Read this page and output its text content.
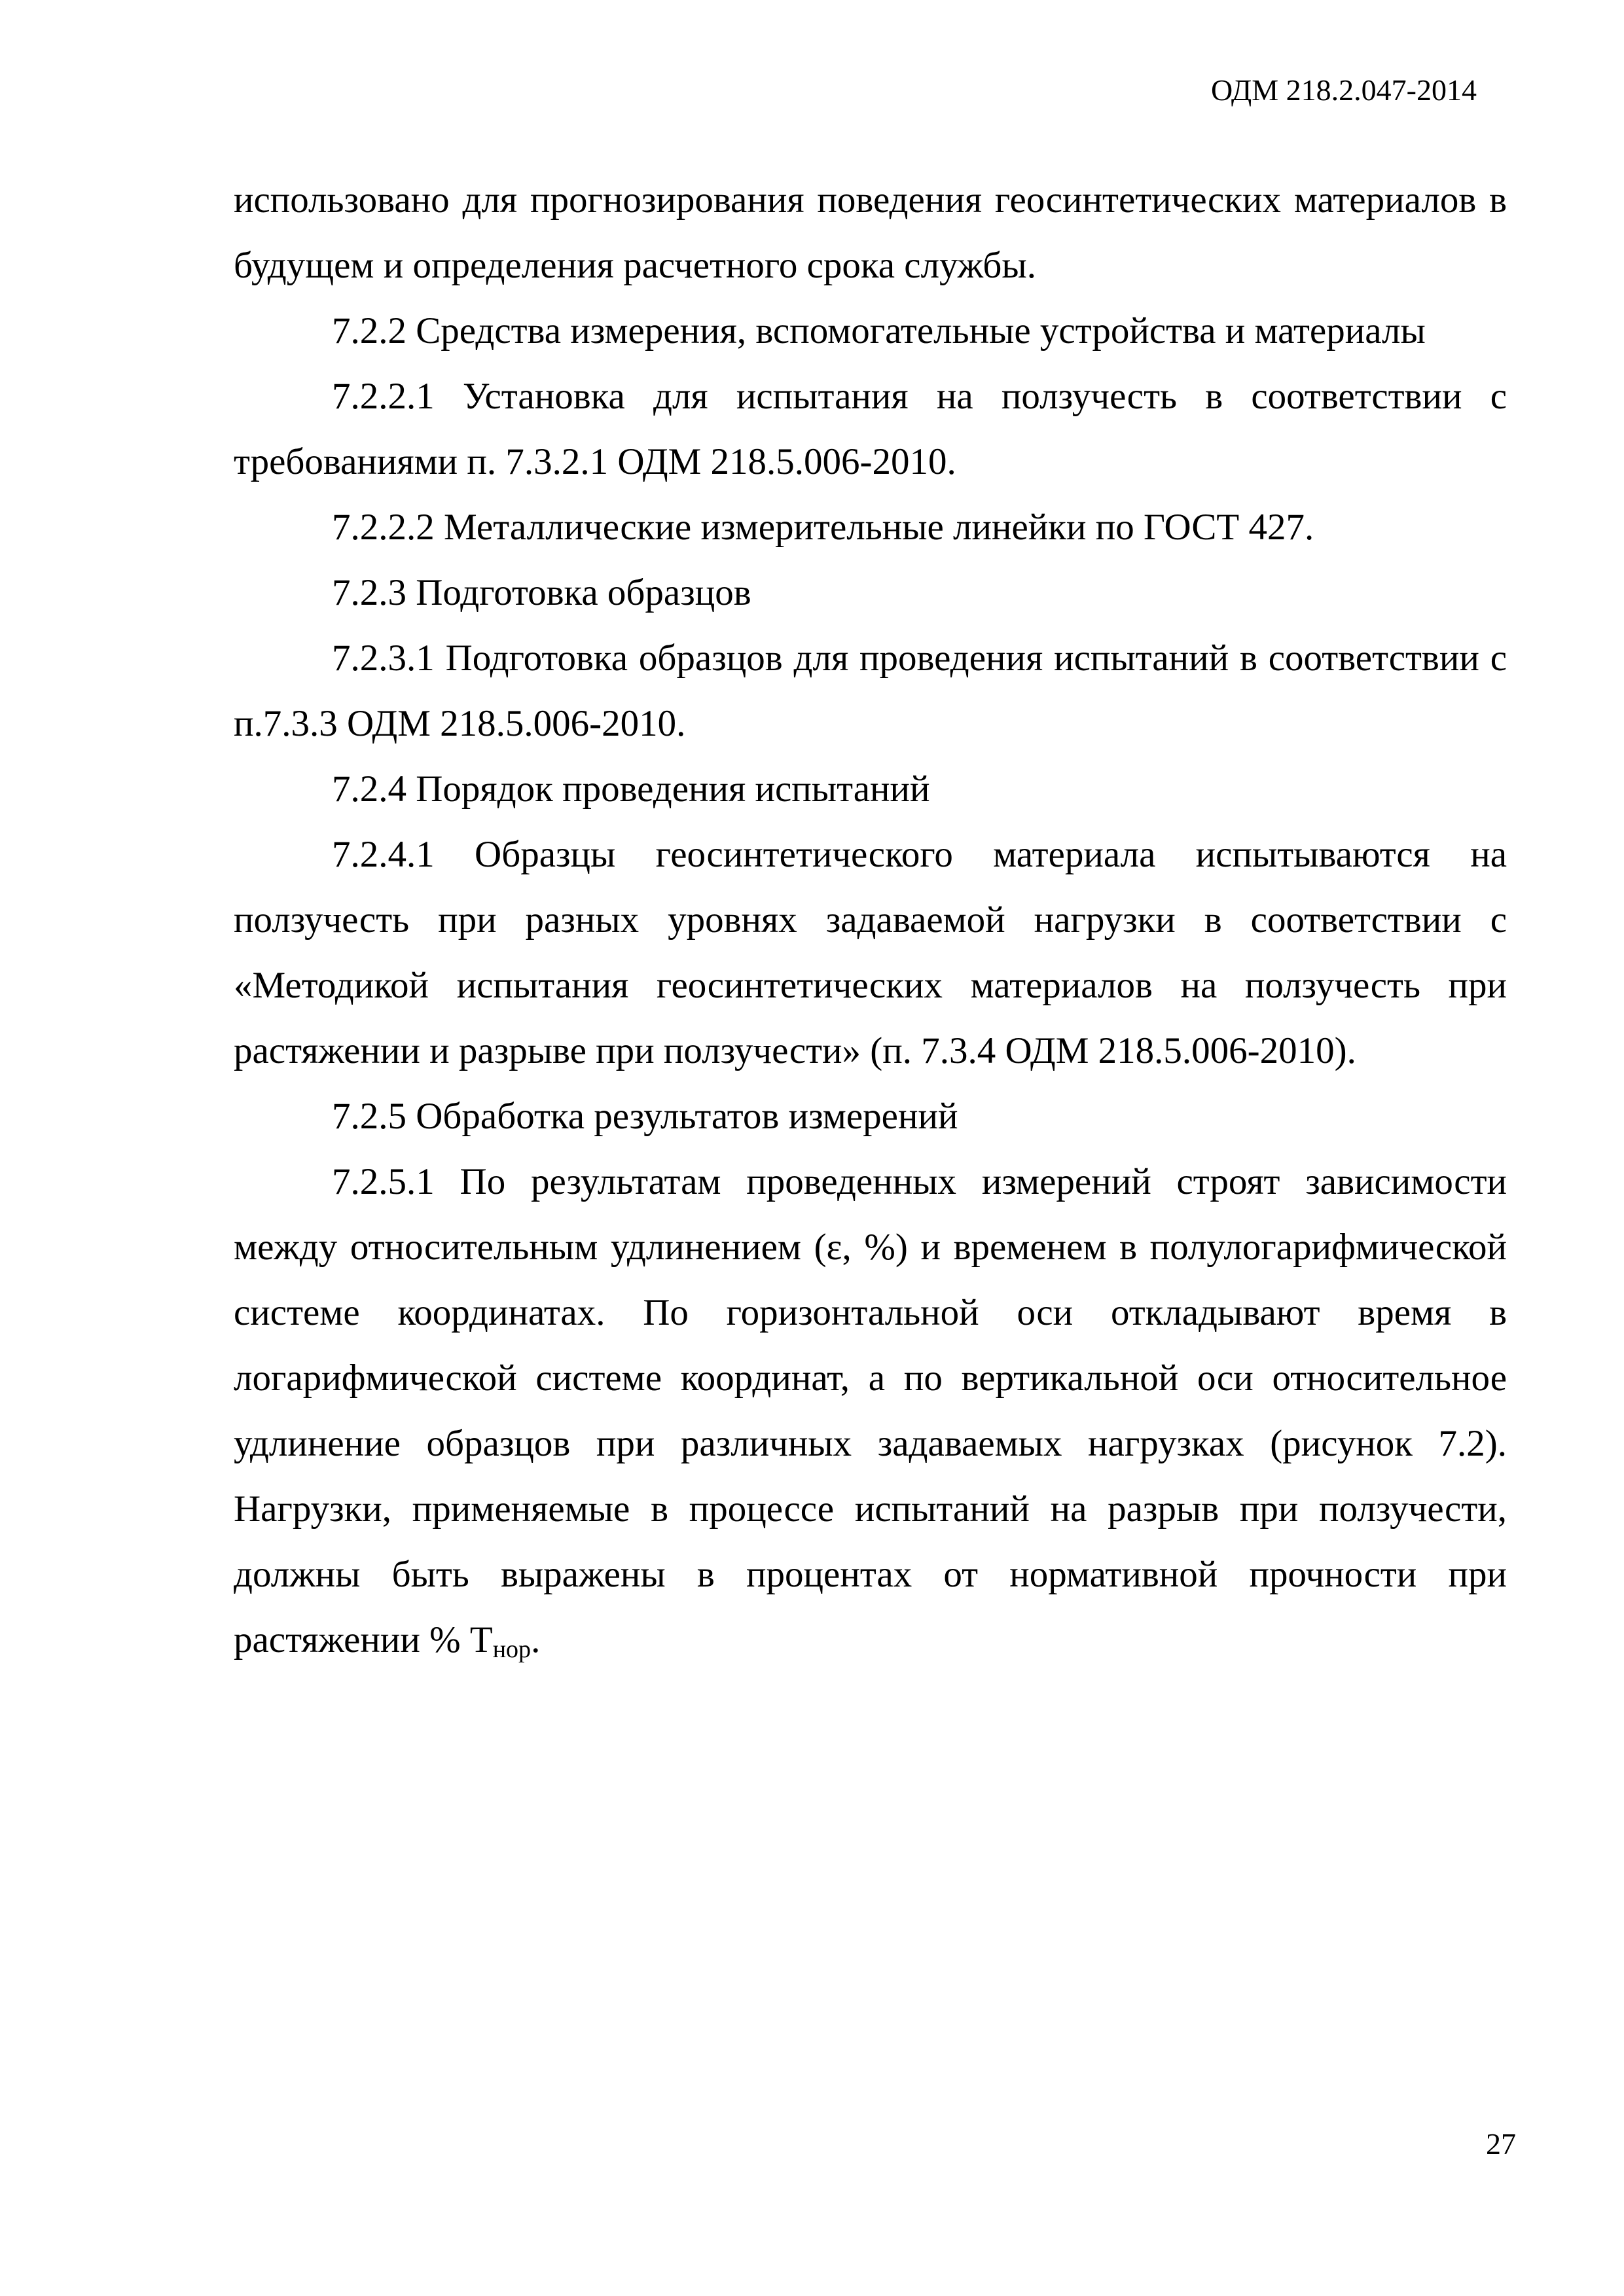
ОДМ 218.2.047-2014

использовано для прогнозирования поведения геосинтетических материалов в будущем и определения расчетного срока службы.

7.2.2 Средства измерения, вспомогательные устройства и материалы

7.2.2.1 Установка для испытания на ползучесть в соответствии с требованиями п. 7.3.2.1 ОДМ 218.5.006-2010.

7.2.2.2 Металлические измерительные линейки по ГОСТ 427.

7.2.3 Подготовка образцов

7.2.3.1 Подготовка образцов для проведения испытаний в соответствии с п.7.3.3 ОДМ 218.5.006-2010.

7.2.4 Порядок проведения испытаний

7.2.4.1 Образцы геосинтетического материала испытываются на ползучесть при разных уровнях задаваемой нагрузки в соответствии с «Методикой испытания геосинтетических материалов на ползучесть при растяжении и разрыве при ползучести» (п. 7.3.4 ОДМ 218.5.006-2010).

7.2.5 Обработка результатов измерений

7.2.5.1 По результатам проведенных измерений строят зависимости между относительным удлинением (ε, %) и временем в полулогарифмической системе координатах. По горизонтальной оси откладывают время в логарифмической системе координат, а по вертикальной оси относительное удлинение образцов при различных задаваемых нагрузках (рисунок 7.2). Нагрузки, применяемые в процессе испытаний на разрыв при ползучести, должны быть выражены в процентах от нормативной прочности при растяжении % $Т_{нор}$.

27
